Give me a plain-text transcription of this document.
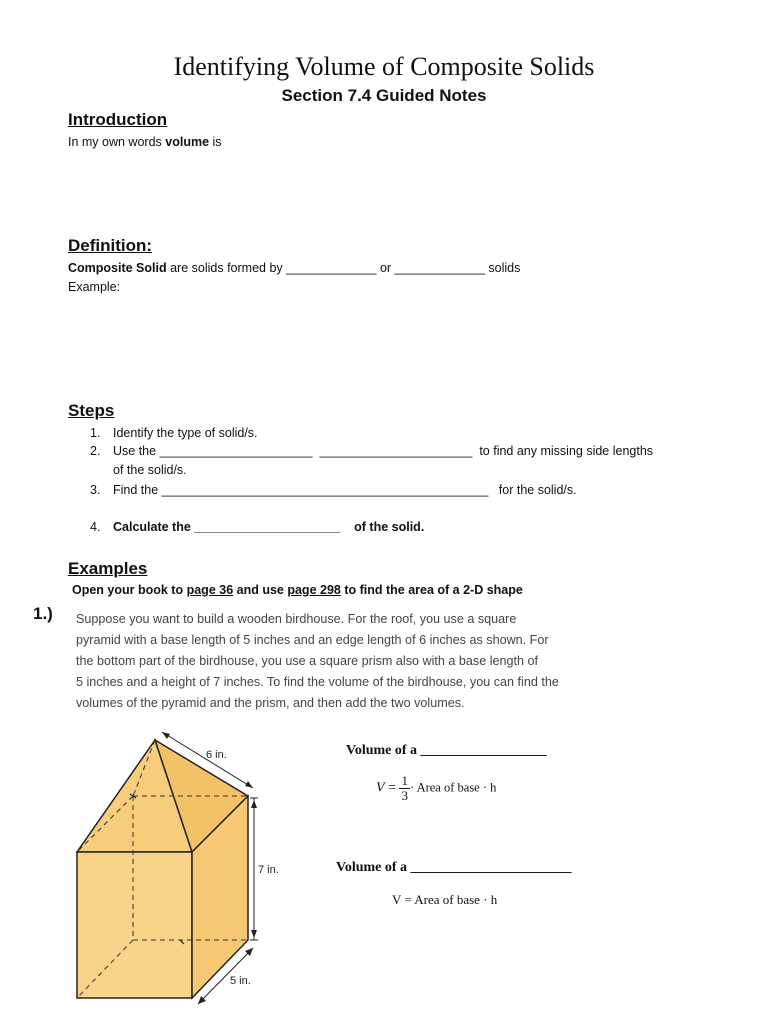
Identifying Volume of Composite Solids
Section 7.4 Guided Notes
Introduction
In my own words volume is
Definition:
Composite Solid are solids formed by _____________ or _____________ solids
Example:
Steps
1. Identify the type of solid/s.
2. Use the ______________________  ______________________  to find any missing side lengths
of the solid/s.
3. Find the _______________________________________________   for the solid/s.
4. Calculate the _____________________    of the solid.
Examples
Open your book to page 36 and use page 298 to find the area of a 2-D shape
1.) Suppose you want to build a wooden birdhouse. For the roof, you use a square
pyramid with a base length of 5 inches and an edge length of 6 inches as shown. For
the bottom part of the birdhouse, you use a square prism also with a base length of
5 inches and a height of 7 inches. To find the volume of the birdhouse, you can find the
volumes of the pyramid and the prism, and then add the two volumes.
6 in.
7 in.
5 in.
Volume of a __________________
$V = \frac{1}{3}$ · Area of base · h
Volume of a _______________________
V = Area of base · h
